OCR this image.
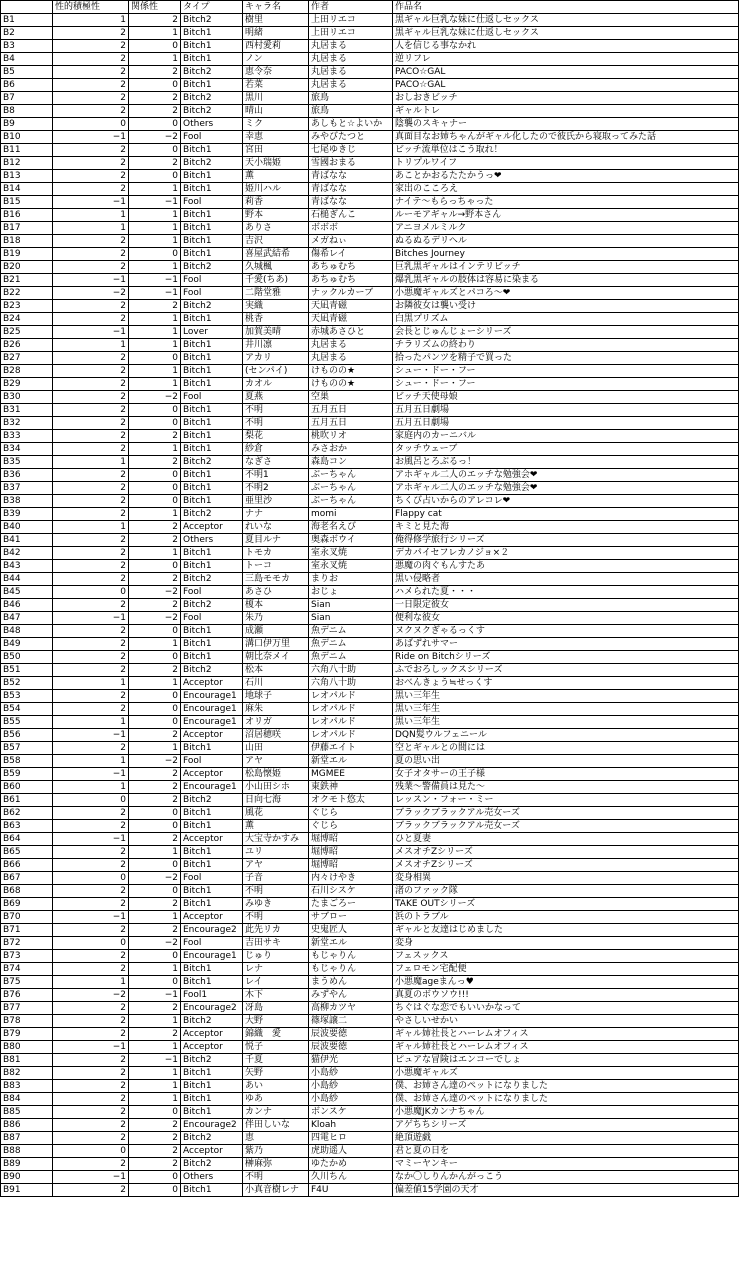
	性的積極性	関係性	タイプ	キャラ名	作者	作品名
B1	1	2	Bitch2	樹里	上田リエコ	黒ギャル巨乳な妹に仕返しセックス
B2	2	1	Bitch1	明緒	上田リエコ	黒ギャル巨乳な妹に仕返しセックス
B3	2	0	Bitch1	西村愛莉	丸居まる	人を信じる事なかれ
B4	2	1	Bitch1	ノン	丸居まる	逆リフレ
B5	2	2	Bitch2	恵令奈	丸居まる	PACO☆GAL
B6	2	0	Bitch1	若菜	丸居まる	PACO☆GAL
B7	2	2	Bitch2	黒川	旅鳥	おしおきビッチ
B8	2	2	Bitch2	晴山	旅鳥	ギャルトレ
B9	0	0	Others	ミク	あしもと☆よいか	陰襲のスキャナー
B10	−1	−2	Fool	幸恵	みやびたつと	真面目なお姉ちゃんがギャル化したので彼氏から寝取ってみた話
B11	2	0	Bitch1	宮田	七尾ゆきじ	ビッチ流単位はこう取れ！
B12	2	2	Bitch2	天小瑞姫	雪國おまる	トリプルワイフ
B13	2	0	Bitch1	薫	青ばなな	あことかおるたたかうっ❤
B14	2	1	Bitch1	姫川ハル	青ばなな	家出のこころえ
B15	−1	−1	Fool	莉香	青ばなな	ナイテ～もらっちゃった
B16	1	1	Bitch1	野本	石槌ぎんこ	ルーモアギャル→野本さん
B17	1	1	Bitch1	ありさ	ボボボ	アニヨメルミルク
B18	2	1	Bitch1	吉沢	メガねぃ	ぬるぬるデリヘル
B19	2	0	Bitch1	喜屋武結希	傷希レイ	Bitches Journey
B20	2	1	Bitch2	久城楓	あちゅむち	巨乳黒ギャルはインテリビッチ
B21	−1	−1	Fool	千愛(ちあ)	あちゅむち	爆乳黒ギャルの肢体は容易に染まる
B22	−2	−1	Fool	二階堂雅	ナックルカーブ	小悪魔ギャルズとパコろ～❤
B23	2	2	Bitch2	実織	天凪青磁	お隣彼女は襲い受け
B24	2	1	Bitch1	桃香	天凪青磁	白黒プリズム
B25	−1	1	Lover	加賀美晴	赤城あさひと	会長とじゅんじょーシリーズ
B26	1	1	Bitch1	井川凛	丸居まる	チラリズムの終わり
B27	2	0	Bitch1	アカリ	丸居まる	拾ったパンツを精子で買った
B28	2	1	Bitch1	(センパイ)	けものの★	シュー・ドー・フー
B29	2	1	Bitch1	カオル	けものの★	シュー・ドー・フー
B30	2	−2	Fool	夏燕	空巣	ビッチ天使母娘
B31	2	0	Bitch1	不明	五月五日	五月五日劇場
B32	2	0	Bitch1	不明	五月五日	五月五日劇場
B33	2	2	Bitch1	梨花	桃吹リオ	家庭内のカーニバル
B34	2	1	Bitch1	紗倉	みさおか	タッチウェーブ
B35	1	2	Bitch2	なぎさ	森島コン	お風呂とろぶるっ！
B36	2	0	Bitch1	不明1	ぶーちゃん	アホギャル二人のエッチな勉強会❤
B37	2	0	Bitch1	不明2	ぶーちゃん	アホギャル二人のエッチな勉強会❤
B38	2	0	Bitch1	亜里沙	ぶーちゃん	ちくび占いからのアレコレ❤
B39	2	1	Bitch2	ナナ	momi	Flappy cat
B40	1	2	Acceptor	れいな	海老名えび	キミと見た海
B41	2	2	Others	夏目ルナ	奥森ボウイ	俺得修学旅行シリーズ
B42	2	1	Bitch1	トモカ	室永叉焼	デカパイセフレカノジョ×２
B43	2	0	Bitch1	トーコ	室永叉焼	悪魔の肉ぐもんすたあ
B44	2	2	Bitch2	三島モモカ	まりお	黒い侵略者
B45	0	−2	Fool	あさひ	おじょ	ハメられた夏・・・
B46	2	2	Bitch2	榎本	Sian	一日限定彼女
B47	−1	−2	Fool	朱乃	Sian	便利な彼女
B48	2	0	Bitch1	成瀬	魚デニム	ヌクヌクぎゃるっくす
B49	2	1	Bitch1	溝口伊万里	魚デニム	あばずれサマー
B50	2	0	Bitch1	朝比奈メイ	魚デニム	Ride on Bitchシリーズ
B51	2	2	Bitch2	松本	六角八十助	ふでおろしックスシリーズ
B52	1	1	Acceptor	石川	六角八十助	おべんきょう≒せっくす
B53	2	0	Encourage1	地球子	レオパルド	黒い三年生
B54	2	0	Encourage1	麻朱	レオパルド	黒い三年生
B55	1	0	Encourage1	オリガ	レオパルド	黒い三年生
B56	−1	2	Acceptor	沼居穂咲	レオパルド	DQN髪ウルフェニール
B57	2	1	Bitch1	山田	伊藤エイト	空とギャルとの間には
B58	1	−2	Fool	アヤ	新堂エル	夏の思い出
B59	−1	2	Acceptor	松島懐姫	MGMEE	女子オタサーの王子様
B60	1	2	Encourage1	小山田シホ	東鉄神	残業～警備員は見た～
B61	0	2	Bitch2	日向七海	オクモト悠太	レッスン・フォー・ミー
B62	2	0	Bitch1	風花	ぐじら	ブラックブラックアル売女ーズ
B63	2	0	Bitch1	薫	ぐじら	ブラックブラックアル売女ーズ
B64	−1	2	Acceptor	大宝寺かすみ	堀博昭	ひと夏妻
B65	2	1	Bitch1	ユリ	堀博昭	メスオチZシリーズ
B66	2	0	Bitch1	アヤ	堀博昭	メスオチZシリーズ
B67	0	−2	Fool	子音	内々けやき	変身相異
B68	2	0	Bitch1	不明	石川シスケ	渚のファック隊
B69	2	2	Bitch1	みゆき	たまごろー	TAKE OUTシリーズ
B70	−1	1	Acceptor	不明	サブロー	浜のトラブル
B71	2	2	Encourage2	此先リカ	史鬼匠人	ギャルと友達はじめました
B72	0	−2	Fool	吉田サキ	新堂エル	変身
B73	2	0	Encourage1	じゅり	もじゃりん	フェスックス
B74	2	1	Bitch1	レナ	もじゃりん	フェロモン宅配便
B75	1	0	Bitch1	レイ	まうめん	小悪魔ageまんっ♥
B76	−2	−1	Fool1	木下	みずやん	真夏のボウソウ!!!
B77	2	2	Encourage2	冴島	高柳カツヤ	ちぐはぐな恋でもいいかなって
B78	2	1	Bitch2	大野	篠塚譲二	やさしいせかい
B79	2	2	Acceptor	錦織　愛	辰波要徳	ギャル姉社長とハーレムオフィス
B80	−1	1	Acceptor	悦子	辰波要徳	ギャル姉社長とハーレムオフィス
B81	2	−1	Bitch2	千夏	猫伊光	ピュアな冒険はエンコーでしょ
B82	2	1	Bitch1	矢野	小島紗	小悪魔ギャルズ
B83	2	1	Bitch1	あい	小島紗	僕、お姉さん達のペットになりました
B84	2	1	Bitch1	ゆあ	小島紗	僕、お姉さん達のペットになりました
B85	2	0	Bitch1	カンナ	ボンスケ	小悪魔JKカンナちゃん
B86	2	2	Encourage2	伴田しいな	Kloah	アゲちちシリーズ
B87	2	2	Bitch2	恵	四電ヒロ	絶頂遊戯
B88	0	2	Acceptor	紫乃	虎助遥人	君と夏の日を
B89	2	2	Bitch2	榊麻弥	ゆたかめ	マミーヤンキー
B90	−1	0	Others	不明	久川ちん	なか〇しりんかんがっこう
B91	2	0	Bitch1	小真音樹レナ	F4U	偏差値15学園の天才
